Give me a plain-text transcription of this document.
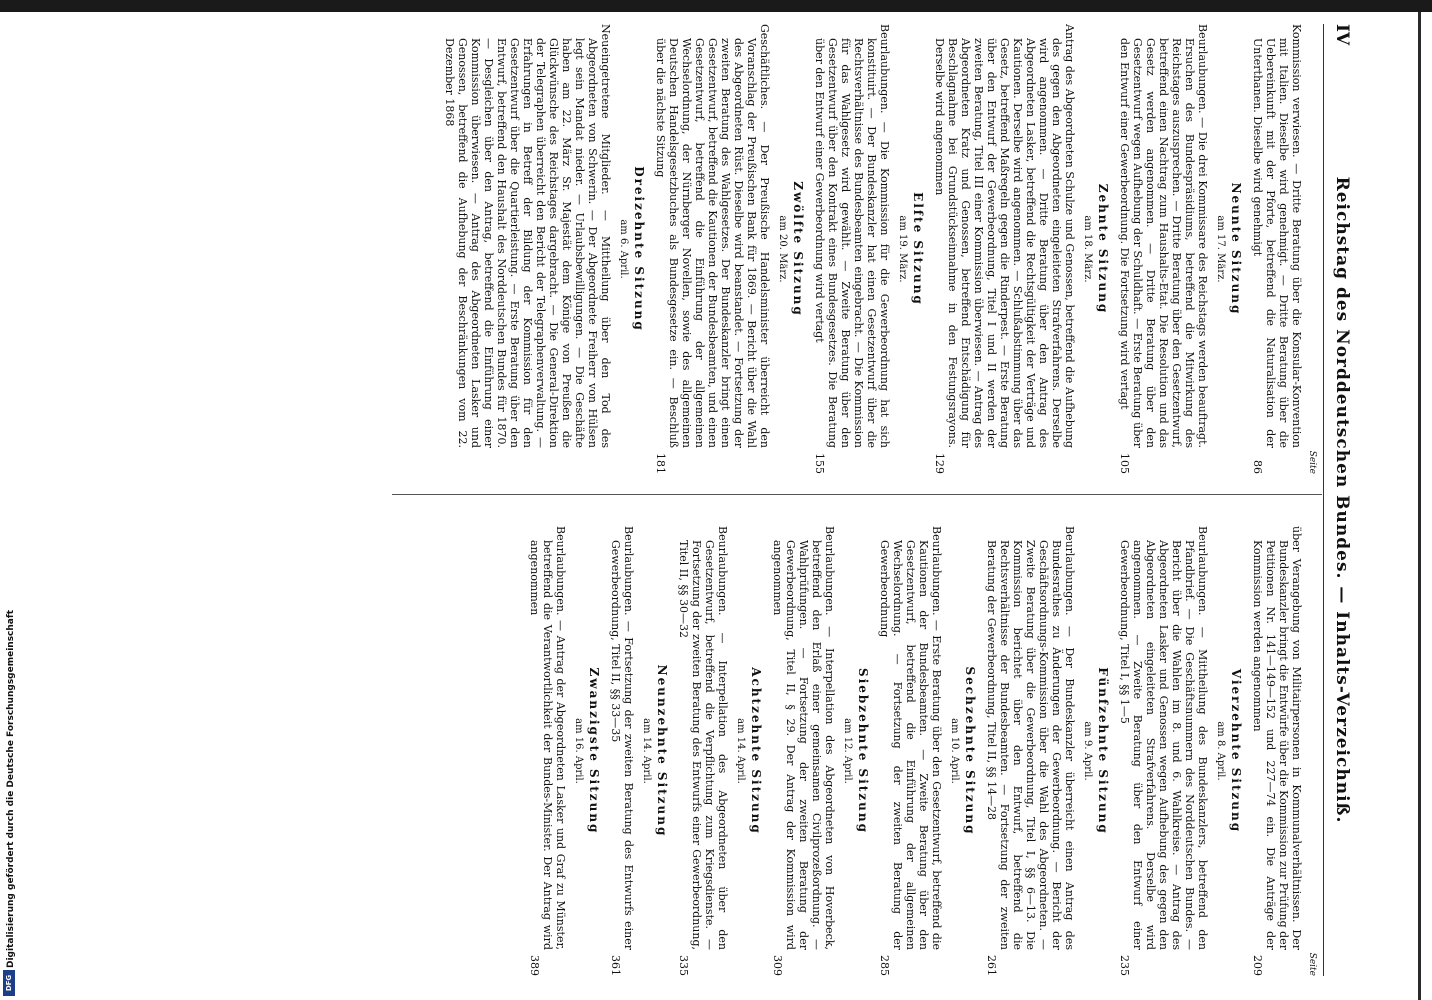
IV
Reichstag des Norddeutschen Bundes. — Inhalts-Verzeichniß.
Seite

Kommission verwiesen. — Dritte Beratung über die Konsular-Konvention mit Italien. Dieselbe wird genehmigt. — Dritte Beratung über die Uebereinkunft mit der Pforte, betreffend die Naturalisation der Unterthanen. Dieselbe wird genehmigt
86

Neunte Sitzung
am 17. März.

Beurlaubungen. — Die drei Kommissare des Reichstags werden beauftragt. Ersuchen des Bundespräsidiums, betreffend die Mitwirkung des Reichstages auszusprechen. — Dritte Beratung über den Gesetzentwurf, betreffend einen Nachtrag zum Haushalts-Etat. Die Resolution und das Gesetz werden angenommen. — Dritte Beratung über den Gesetzentwurf wegen Aufhebung der Schuldhaft. — Erste Beratung über den Entwurf einer Gewerbeordnung. Die Fortsetzung wird vertagt
105

Zehnte Sitzung
am 18. März.

Antrag des Abgeordneten Schulze und Genossen, betreffend die Aufhebung des gegen den Abgeordneten eingeleiteten Strafverfahrens. Derselbe wird angenommen. — Dritte Beratung über den Antrag des Abgeordneten Lasker, betreffend die Rechtsgültigkeit der Verträge und Kautionen. Derselbe wird angenommen. — Schlußabstimmung über das Gesetz, betreffend Maßregeln gegen die Rinderpest. — Erste Beratung über den Entwurf der Gewerbeordnung, Titel I und II werden der zweiten Beratung, Titel III einer Kommission überwiesen. — Antrag des Abgeordneten Kratz und Genossen, betreffend Entschädigung für Beschlagnahme bei Grundstückseinnahme in den Festungsrayons. Derselbe wird angenommen
129

Elfte Sitzung
am 19. März.

Beurlaubungen. — Die Kommission für die Gewerbeordnung hat sich konstituirt. — Der Bundeskanzler hat einen Gesetzentwurf über die Rechtsverhältnisse des Bundesbeamten eingebracht. — Die Kommission für das Wahlgesetz wird gewählt. — Zweite Beratung über den Gesetzentwurf über den Kontrakt eines Bundesgesetzes. Die Beratung über den Entwurf einer Gewerbeordnung wird vertagt
155

Zwölfte Sitzung
am 20. März.

Geschäftliches. — Der Preußische Handelsminister überreicht den Voranschlag der Preußischen Bank für 1869. — Bericht über die Wahl des Abgeordneten Rüst. Dieselbe wird beanstandet. — Fortsetzung der zweiten Beratung des Wahlgesetzes. Der Bundeskanzler bringt einen Gesetzentwurf, betreffend die Kautionen der Bundesbeamten, und einen Gesetzentwurf, betreffend die Einführung der allgemeinen Wechselordnung, der Nürnberger Novellen, sowie des allgemeinen Deutschen Handelsgesetzbuches als Bundesgesetze ein. — Beschluß über die nächste Sitzung
181

Dreizehnte Sitzung
am 6. April.

Neueingetretene Mitglieder. — Mittheilung über den Tod des Abgeordneten von Schwerin. — Der Abgeordnete Freiherr von Hülsen legt sein Mandat nieder. — Urlaubsbewilligungen. — Die Geschäfte haben am 22. März Sr. Majestät dem Könige von Preußen die Glückwünsche des Reichstages dargebracht. — Die General-Direktion der Telegraphen überreicht den Bericht der Telegraphenverwaltung. — Erfahrungen in Betreff der Bildung der Kommission für den Gesetzentwurf über die Quartierleistung. — Erste Beratung über den Entwurf, betreffend den Haushalt des Norddeutschen Bundes für 1870. — Desgleichen über den Antrag, betreffend die Einführung einer Kommission überwiesen. — Antrag des Abgeordneten Lasker und Genossen, betreffend die Aufhebung der Beschränkungen vom 22. Dezember 1868

Seite

über Verangebung von Militairpersonen in Kommunalverhältnissen. Der Bundeskanzler bringt die Entwürfe über die Kommission zur Prüfung der Petitionen Nr. 141—149—152 und 227—74 ein. Die Anträge der Kommission werden angenommen
209

Vierzehnte Sitzung
am 8. April.

Beurlaubungen. — Mittheilung des Bundeskanzlers, betreffend den Pfandbrief. — Die Geschäftsnummern des Norddeutschen Bundes. — Bericht über die Wahlen im 8. und 6. Wahlkreise. — Antrag des Abgeordneten Lasker und Genossen wegen Aufhebung des gegen den Abgeordneten eingeleiteten Strafverfahrens. Derselbe wird angenommen. — Zweite Beratung über den Entwurf einer Gewerbeordnung, Titel I, §§ 1—5
235

Fünfzehnte Sitzung
am 9. April.

Beurlaubungen. — Der Bundeskanzler überreicht einen Antrag des Bundesrathes zu Änderungen der Gewerbeordnung. — Bericht der Geschäftsordnungs-Kommission über die Wahl des Abgeordneten. — Zweite Beratung über die Gewerbeordnung, Titel I, §§ 6—13. Die Kommission berichtet über den Entwurf, betreffend die Rechtsverhältnisse der Bundesbeamten. — Fortsetzung der zweiten Beratung der Gewerbeordnung, Titel II, §§ 14—28
261

Sechzehnte Sitzung
am 10. April.

Beurlaubungen. — Erste Beratung über den Gesetzentwurf, betreffend die Kautionen der Bundesbeamten. — Zweite Beratung über den Gesetzentwurf, betreffend die Einführung der allgemeinen Wechselordnung. — Fortsetzung der zweiten Beratung der Gewerbeordnung
285

Siebzehnte Sitzung
am 12. April.

Beurlaubungen. — Interpellation des Abgeordneten von Hoverbeck, betreffend den Erlaß einer gemeinsamen Civilprozeßordnung. — Wahlprüfungen. — Fortsetzung der zweiten Beratung der Gewerbeordnung, Titel II, § 29. Der Antrag der Kommission wird angenommen
309

Achtzehnte Sitzung
am 14. April.

Beurlaubungen. — Interpellation des Abgeordneten über den Gesetzentwurf, betreffend die Verpflichtung zum Kriegsdienste. — Fortsetzung der zweiten Beratung des Entwurfs einer Gewerbeordnung, Titel II, §§ 30—32
335

Neunzehnte Sitzung
am 14. April.

Beurlaubungen. — Fortsetzung der zweiten Beratung des Entwurfs einer Gewerbeordnung, Titel II, §§ 33—35
361

Zwanzigste Sitzung
am 16. April.

Beurlaubungen. — Antrag der Abgeordneten Lasker und Graf zu Münster, betreffend die Verantwortlichkeit der Bundes-Minister. Der Antrag wird angenommen
389

Digitalisierung gefördert durch die Deutsche Forschungsgemeinschaft
DFG
